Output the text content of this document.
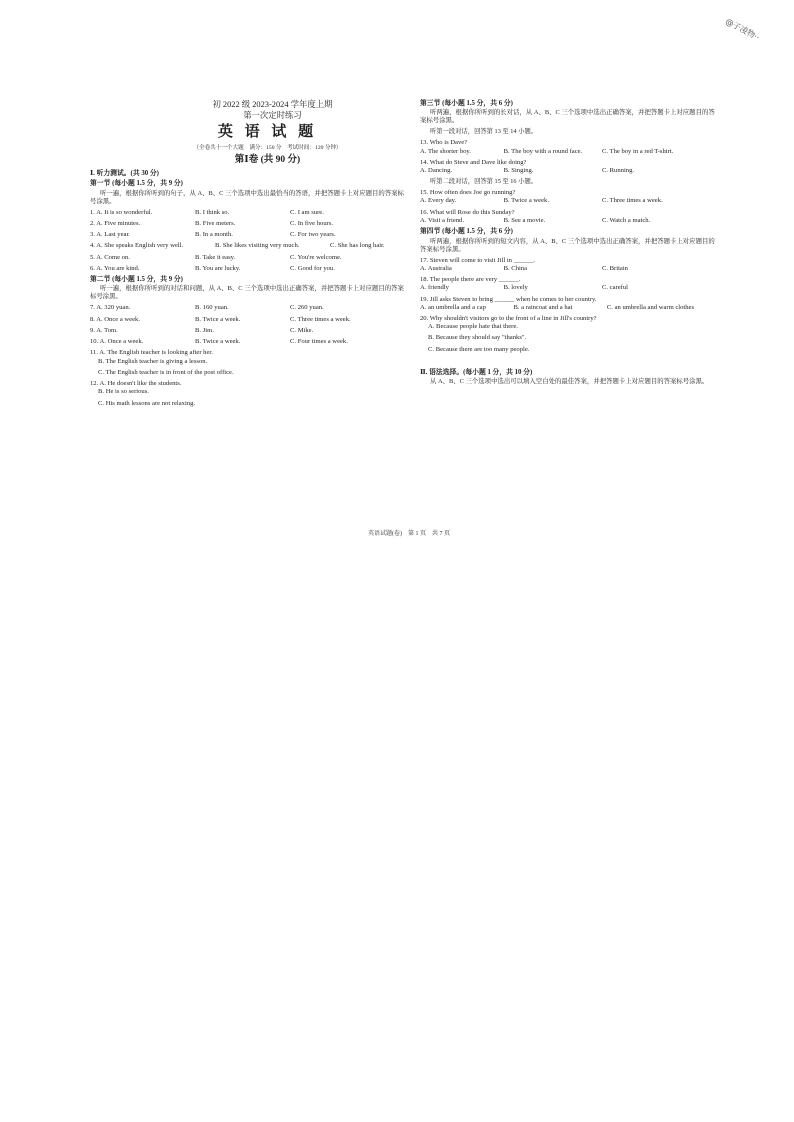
@子凌物··
初 2022 级 2023-2024 学年度上期
第一次定时练习
英 语 试 题
（全卷共十一个大题　满分：150 分　考试时间：120 分钟）
第Ⅰ卷 (共 90 分)
Ⅰ. 听力测试。(共 30 分)
第一节 (每小题 1.5 分，共 9 分)
听一遍，根据你所听到的句子，从 A、B、C 三个选项中选出最恰当的答语，并把答题卡上对应题目的答案标号涂黑。
1. A. It is so wonderful.	B. I think so.	C. I am sure.
2. A. Five minutes.	B. Five meters.	C. In five hours.
3. A. Last year.	B. In a month.	C. For two years.
4. A. She speaks English very well.	B. She likes visiting very much.	C. She has long hair.
5. A. Come on.	B. Take it easy.	C. You're welcome.
6. A. You are kind.	B. You are lucky.	C. Good for you.
第二节 (每小题 1.5 分，共 9 分)
听一遍，根据你所听到的对话和问题，从 A、B、C 三个选项中选出正确答案，并把答题卡上对应题目的答案标号涂黑。
7. A. 320 yuan.	B. 160 yuan.	C. 260 yuan.
8. A. Once a week.	B. Twice a week.	C. Three times a week.
9. A. Tom.	B. Jim.	C. Mike.
10. A. Once a week.	B. Twice a week.	C. Four times a week.
11. A. The English teacher is looking after her.
B. The English teacher is giving a lesson.
C. The English teacher is in front of the post office.
12. A. He doesn't like the students.
B. He is so serious.
C. His math lessons are not relaxing.
第三节 (每小题 1.5 分，共 6 分)
听两遍，根据你所听到的长对话，从 A、B、C 三个选项中选出正确答案，并把答题卡上对应题目的答案标号涂黑。
听第一段对话，回答第 13 至 14 小题。
13. Who is Dave?
A. The shorter boy.	B. The boy with a round face.	C. The boy in a red T-shirt.
14. What do Steve and Dave like doing?
A. Dancing.	B. Singing.	C. Running.
听第二段对话，回答第 15 至 16 小题。
15. How often does Joe go running?
A. Every day.	B. Twice a week.	C. Three times a week.
16. What will Rose do this Sunday?
A. Visit a friend.	B. See a movie.	C. Watch a match.
第四节 (每小题 1.5 分，共 6 分)
听两遍，根据你所听到的短文内容，从 A、B、C 三个选项中选出正确答案，并把答题卡上对应题目的答案标号涂黑。
17. Steven will come to visit Jill in ______.
A. Australia	B. China	C. Britain
18. The people there are very ______.
A. friendly	B. lovely	C. careful
19. Jill asks Steven to bring ______ when he comes to her country.
A. an umbrella and a cap	B. a raincoat and a hat	C. an umbrella and warm clothes
20. Why shouldn't visitors go to the front of a line in Jill's country?
A. Because people hate that there.
B. Because they should say "thanks".
C. Because there are too many people.
Ⅱ. 语法选择。(每小题 1 分，共 10 分)
从 A、B、C 三个选项中选出可以填入空白处的最佳答案，并把答题卡上对应题目的答案标号涂黑。
英语试题(卷)　第 1 页　共 7 页
